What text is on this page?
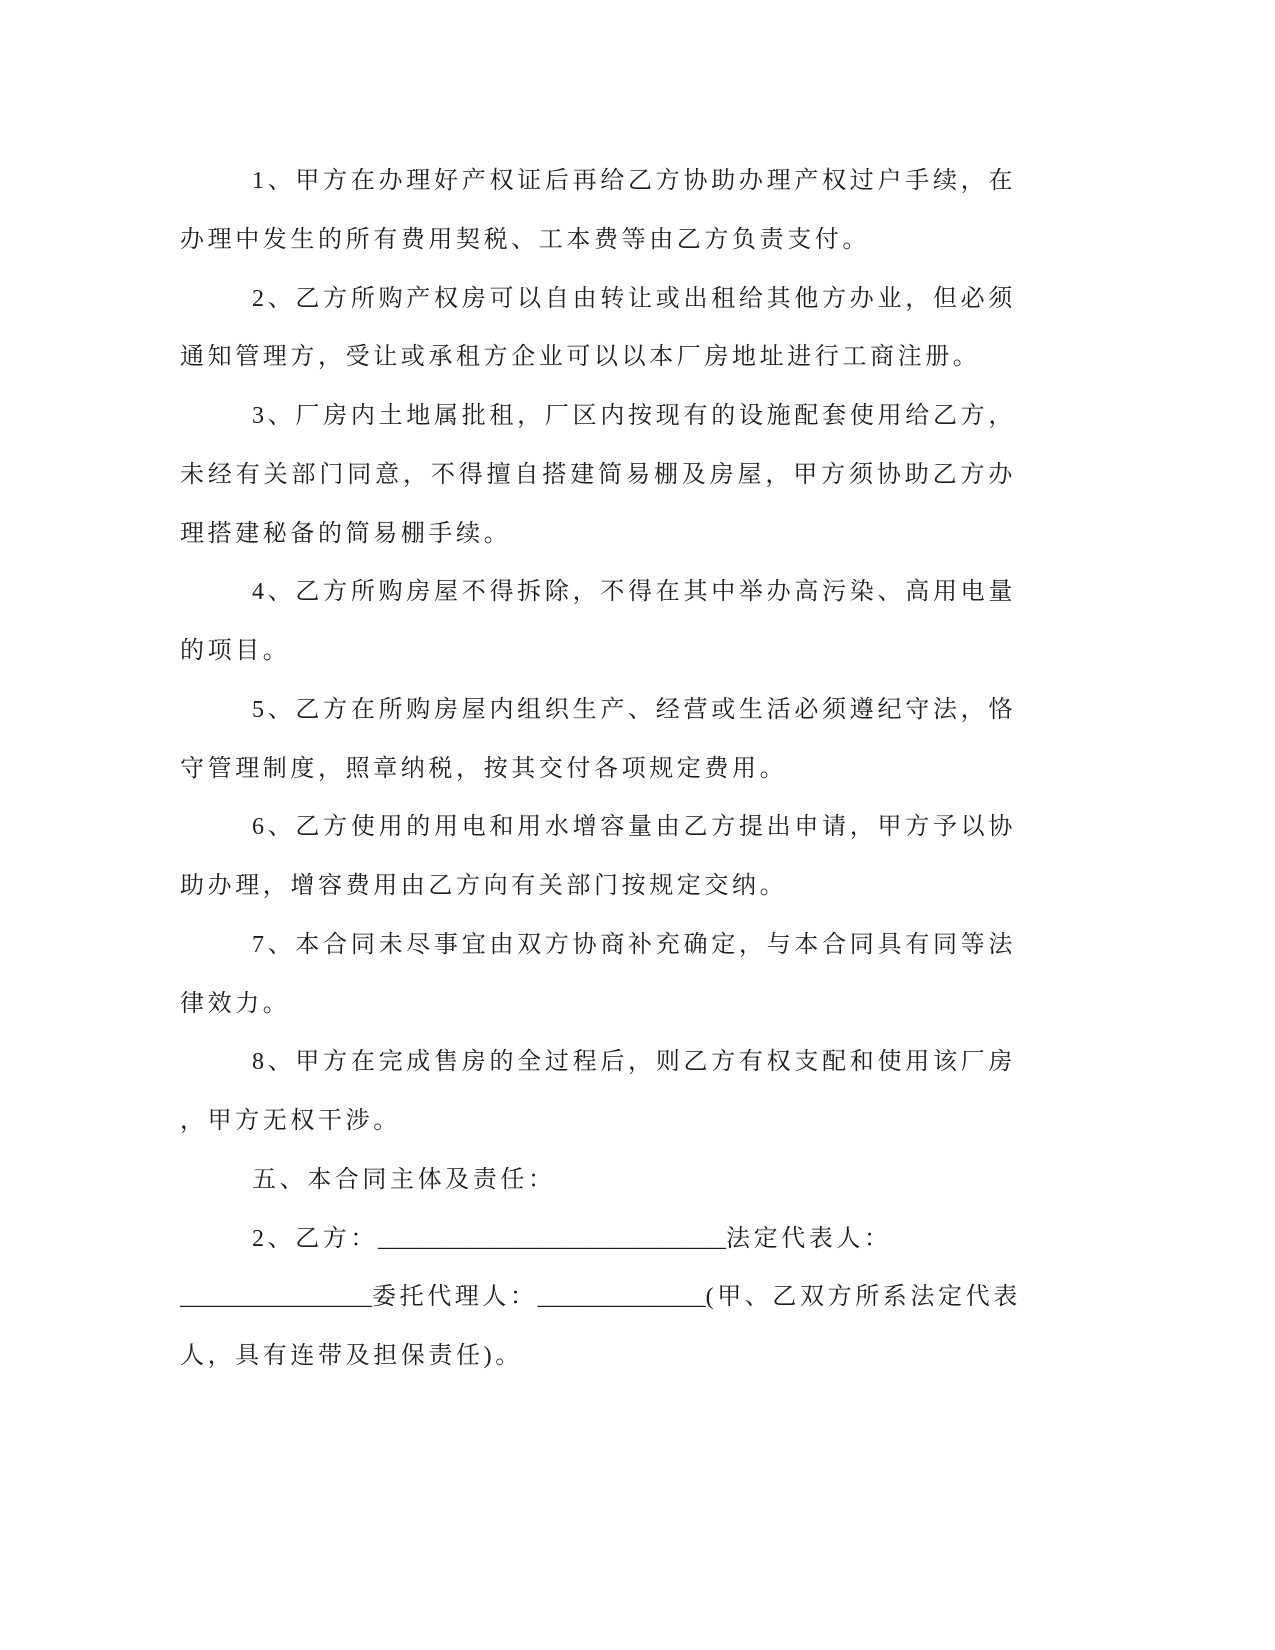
1、甲方在办理好产权证后再给乙方协助办理产权过户手续，在
办理中发生的所有费用契税、工本费等由乙方负责支付。
2、乙方所购产权房可以自由转让或出租给其他方办业，但必须
通知管理方，受让或承租方企业可以以本厂房地址进行工商注册。
3、厂房内土地属批租，厂区内按现有的设施配套使用给乙方，
未经有关部门同意，不得擅自搭建简易棚及房屋，甲方须协助乙方办
理搭建秘备的简易棚手续。
4、乙方所购房屋不得拆除，不得在其中举办高污染、高用电量
的项目。
5、乙方在所购房屋内组织生产、经营或生活必须遵纪守法，恪
守管理制度，照章纳税，按其交付各项规定费用。
6、乙方使用的用电和用水增容量由乙方提出申请，甲方予以协
助办理，增容费用由乙方向有关部门按规定交纳。
7、本合同未尽事宜由双方协商补充确定，与本合同具有同等法
律效力。
8、甲方在完成售房的全过程后，则乙方有权支配和使用该厂房
，甲方无权干涉。
五、本合同主体及责任：
2、乙方：_____________________________法定代表人：
________________委托代理人：______________(甲、乙双方所系法定代表
人，具有连带及担保责任)。
